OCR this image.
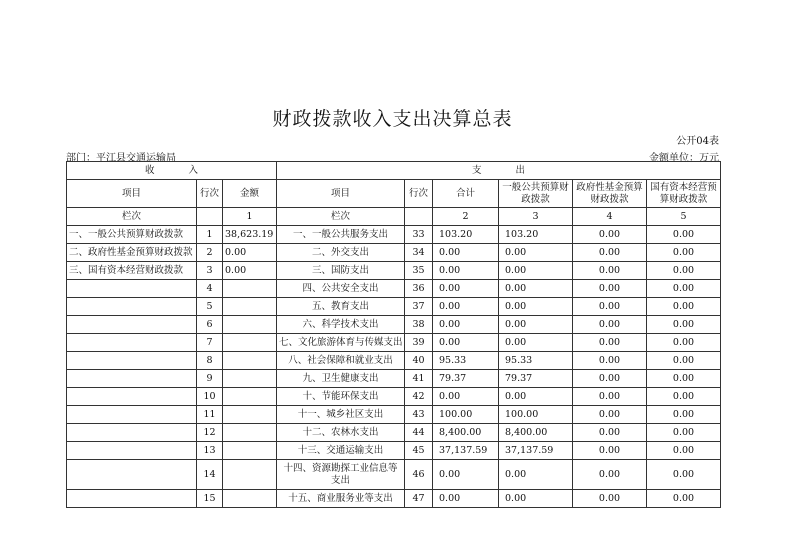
财政拨款收入支出决算总表
公开04表
部门：平江县交通运输局	金额单位：万元
收 入			支 出					
项目	行次	金额	项目	行次	合计	一般公共预算财政拨款	政府性基金预算财政拨款	国有资本经营预算财政拨款
栏次		1	栏次		2	3	4	5
一、一般公共预算财政拨款	1	38,623.19	一、一般公共服务支出	33	103.20	103.20	0.00	0.00
二、政府性基金预算财政拨款	2	0.00	二、外交支出	34	0.00	0.00	0.00	0.00
三、国有资本经营财政拨款	3	0.00	三、国防支出	35	0.00	0.00	0.00	0.00
	4		四、公共安全支出	36	0.00	0.00	0.00	0.00
	5		五、教育支出	37	0.00	0.00	0.00	0.00
	6		六、科学技术支出	38	0.00	0.00	0.00	0.00
	7		七、文化旅游体育与传媒支出	39	0.00	0.00	0.00	0.00
	8		八、社会保障和就业支出	40	95.33	95.33	0.00	0.00
	9		九、卫生健康支出	41	79.37	79.37	0.00	0.00
	10		十、节能环保支出	42	0.00	0.00	0.00	0.00
	11		十一、城乡社区支出	43	100.00	100.00	0.00	0.00
	12		十二、农林水支出	44	8,400.00	8,400.00	0.00	0.00
	13		十三、交通运输支出	45	37,137.59	37,137.59	0.00	0.00
	14		十四、资源勘探工业信息等支出	46	0.00	0.00	0.00	0.00
	15		十五、商业服务业等支出	47	0.00	0.00	0.00	0.00
